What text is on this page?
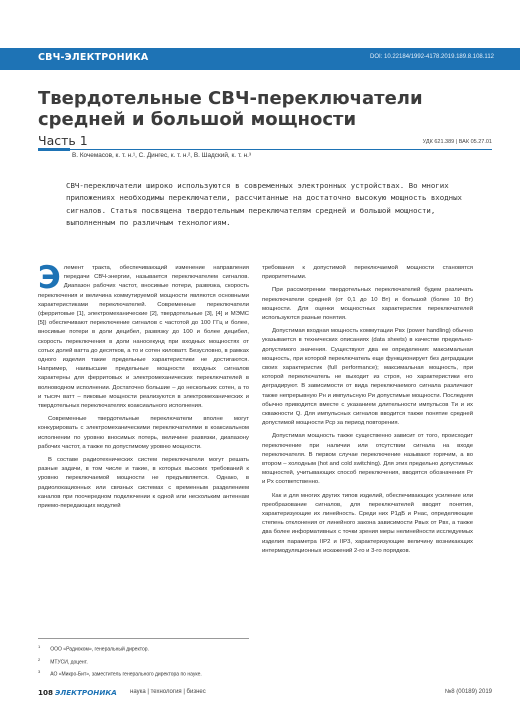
СВЧ-ЭЛЕКТРОНИКА	DOI: 10.22184/1992-4178.2019.189.8.108.112
Твердотельные СВЧ-переключатели средней и большой мощности
Часть 1	УДК 621.389 | ВАК 05.27.01
В. Кочемасов, к. т. н.¹, С. Дингес, к. т. н.², В. Шадский, к. т. н.³

СВЧ-переключатели широко используются в современных электронных устройствах. Во многих приложениях необходимы переключатели, рассчитанные на достаточно высокую мощность входных сигналов. Статья посвящена твердотельным переключателям средней и большой мощности, выполненным по различным технологиям.

Э лемент тракта, обеспечивающий изменение направления передачи СВЧ-энергии, называется переключателем сигналов. Диапазон рабочих частот, вносимые потери, развязка, скорость переключения и величина коммутируемой мощности являются основными характеристиками переключателей. Современные переключатели (ферритовые [1], электромеханические [2], твердотельные [3], [4] и МЭМС [5]) обеспечивают переключение сигналов с частотой до 100 ГГц и более, вносимые потери в доли децибел, развязку до 100 и более децибел, скорость переключения в доли наносекунд при входных мощностях от сотых долей ватта до десятков, а то и сотен киловатт. Безусловно, в рамках одного изделия такие предельные характеристики не достигаются. Например, наивысшие предельные мощности входных сигналов характерны для ферритовых и электромеханических переключателей в волноводном исполнении. Достаточно большие – до нескольких сотен, а то и тысяч ватт – пиковые мощности реализуются в электромеханических и твердотельных переключателях коаксиального исполнения.

Современные твердотельные переключатели вполне могут конкурировать с электромеханическими переключателями в коаксиальном исполнении по уровню вносимых потерь, величине развязки, диапазону рабочих частот, а также по допустимому уровню мощности.

В составе радиотехнических систем переключатели могут решать разные задачи, в том числе и такие, в которых высоких требований к уровню переключаемой мощности не предъявляется. Однако, в радиолокационных или связных системах с временным разделением каналов при поочередном подключении к одной или нескольким антеннам приемо-передающих модулей

требования к допустимой переключаемой мощности становятся приоритетными.

При рассмотрении твердотельных переключателей будем различать переключатели средней (от 0,1 до 10 Вт) и большой (более 10 Вт) мощности. Для оценки мощностных характеристик переключателей используются разные понятия.

Допустимая входная мощность коммутации Pвх (power handling) обычно указывается в технических описаниях (data sheets) в качестве предельно-допустимого значения. Существуют два ее определения: максимальная мощность, при которой переключатель еще функционирует без деградации своих характеристик (full performance); максимальная мощность, при которой переключатель не выходит из строя, но характеристики его деградируют. В зависимости от вида переключаемого сигнала различают также непрерывную Pн и импульсную Pи допустимые мощности. Последняя обычно приводится вместе с указанием длительности импульсов Tи и их скважности Q. Для импульсных сигналов вводится также понятие средней допустимой мощности Pср за период повторения.

Допустимая мощность также существенно зависит от того, происходит переключение при наличии или отсутствии сигнала на входе переключателя. В первом случае переключение называют горячим, а во втором – холодным (hot and cold switching). Для этих предельно допустимых мощностей, учитывающих способ переключения, вводятся обозначения Pг и Pх соответственно.

Как и для многих других типов изделий, обеспечивающих усиление или преобразование сигналов, для переключателей вводят понятия, характеризующие их линейность. Среди них P1дБ и Pнас, определяющие степень отклонения от линейного закона зависимости Pвых от Pвх, а также два более информативных с точки зрения меры нелинейности исследуемых изделия параметра IIP2 и IIP3, характеризующие величину возникающих интермодуляционных искажений 2-го и 3-го порядков.

$^1$ООО «Радиоком», генеральный директор.
$^2$МТУСИ, доцент.
$^3$АО «Микро-Бит», заместитель генерального директора по науке.
108 ЭЛЕКТРОНИКА наука | технология | бизнес	№8 (00189) 2019
